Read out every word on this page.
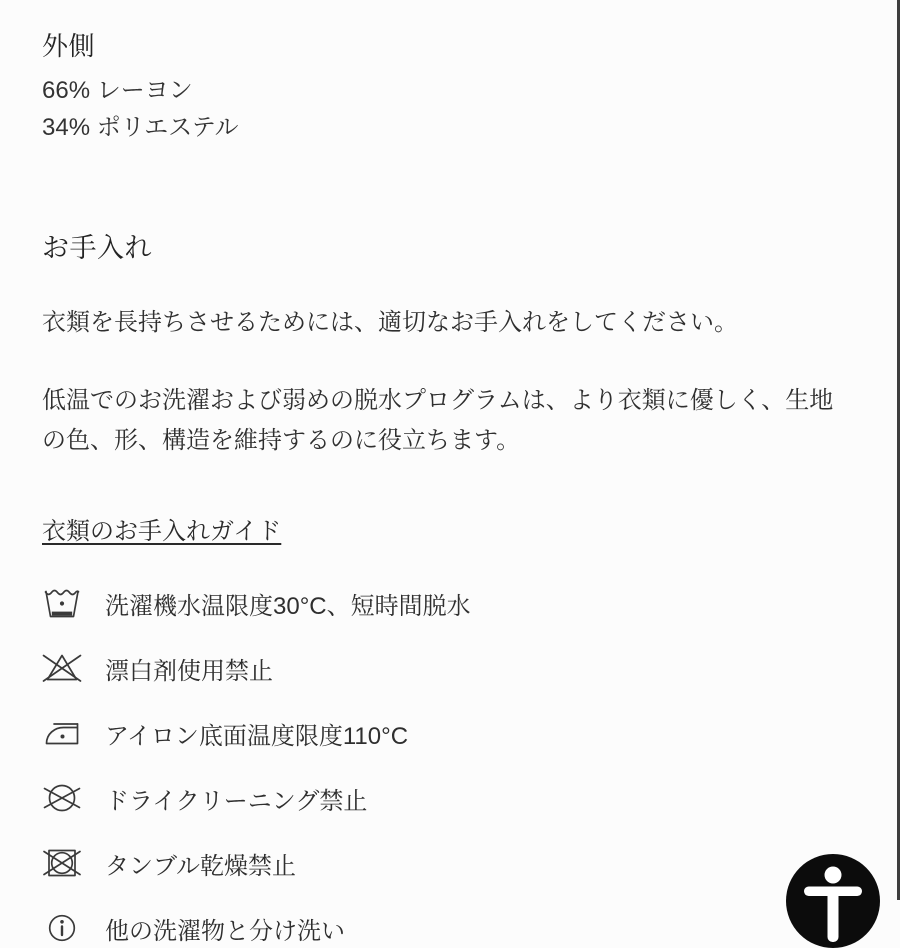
外側
66% レーヨン
34% ポリエステル
お手入れ

衣類を長持ちさせるためには、適切なお手入れをしてください。

低温でのお洗濯および弱めの脱水プログラムは、より衣類に優しく、生地の色、形、構造を維持するのに役立ちます。

衣類のお手入れガイド
洗濯機水温限度30°C、短時間脱水
漂白剤使用禁止
アイロン底面温度限度110°C
ドライクリーニング禁止
タンブル乾燥禁止
他の洗濯物と分け洗い
